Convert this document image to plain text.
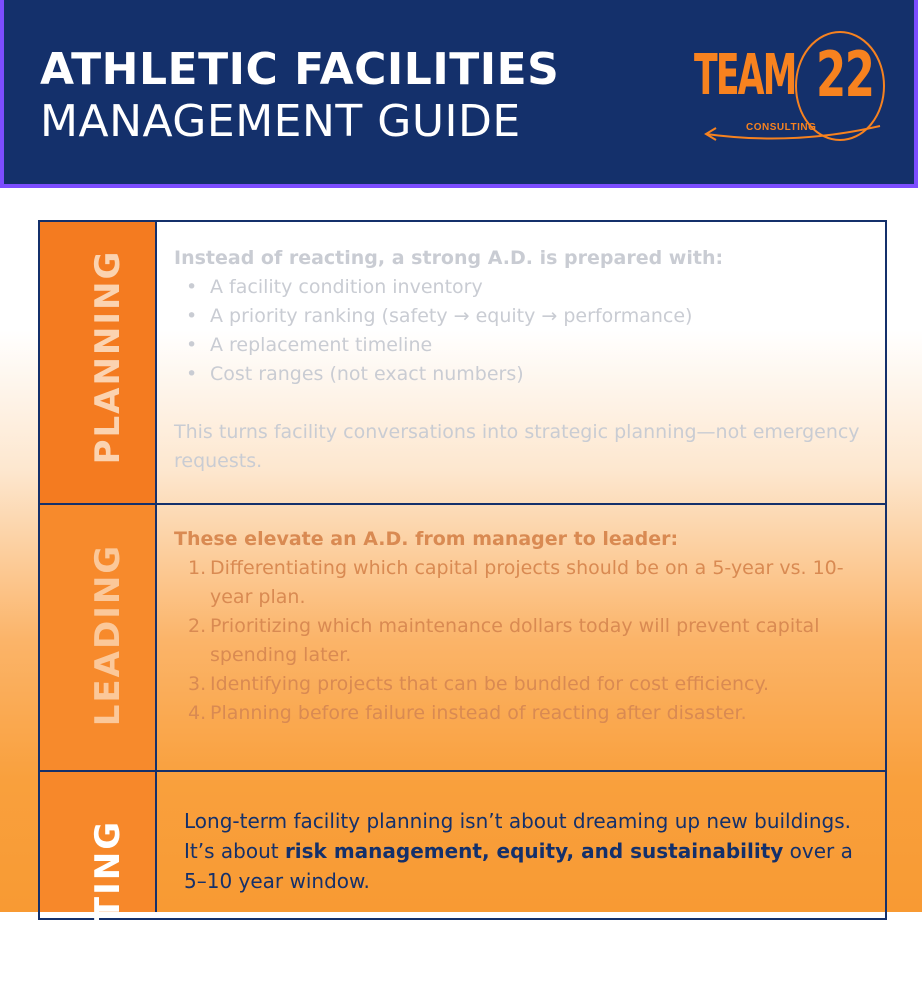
ATHLETIC FACILITIES
MANAGEMENT GUIDE
TEAM 22
CONSULTING
PLANNING
LEADING
TING
Instead of reacting, a strong A.D. is prepared with:
• A facility condition inventory
• A priority ranking (safety → equity → performance)
• A replacement timeline
• Cost ranges (not exact numbers)
This turns facility conversations into strategic planning—not emergency requests.
These elevate an A.D. from manager to leader:
1. Differentiating which capital projects should be on a 5-year vs. 10-year plan.
2. Prioritizing which maintenance dollars today will prevent capital spending later.
3. Identifying projects that can be bundled for cost efficiency.
4. Planning before failure instead of reacting after disaster.
Long-term facility planning isn’t about dreaming up new buildings. It’s about risk management, equity, and sustainability over a 5–10 year window.
